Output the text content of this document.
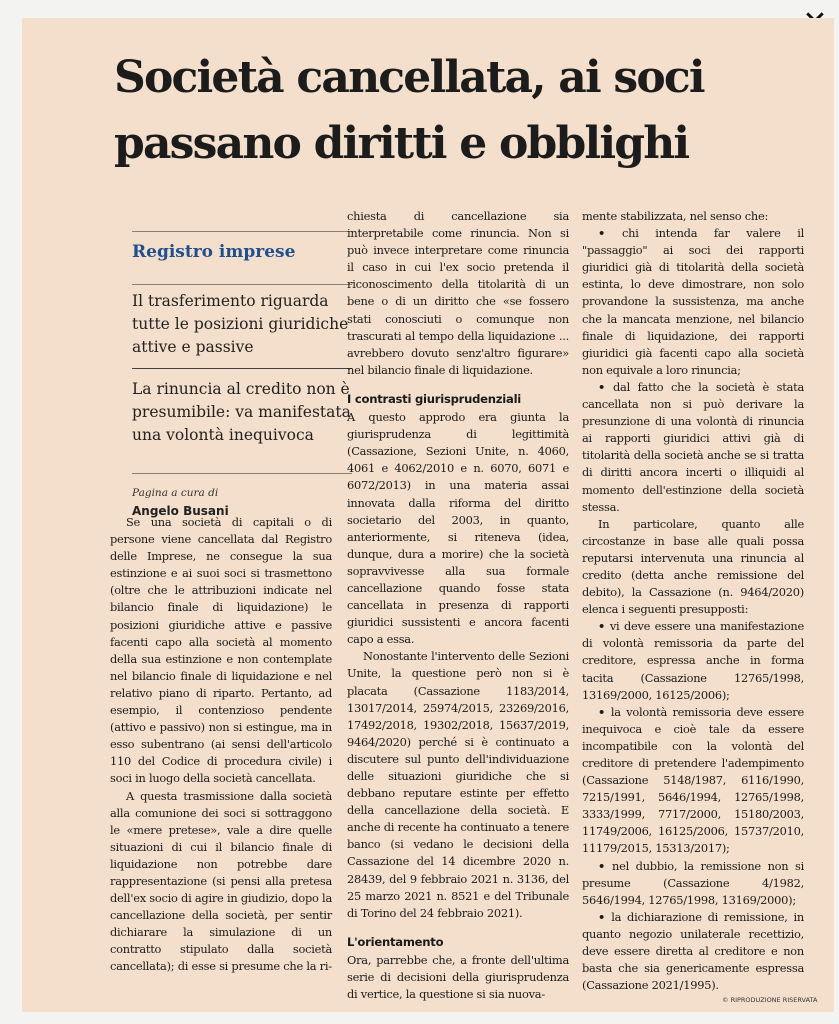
Società cancellata, ai soci passano diritti e obblighi
Registro imprese
Il trasferimento riguarda tutte le posizioni giuridiche attive e passive
La rinuncia al credito non è presumibile: va manifestata una volontà inequivoca
Pagina a cura di
Angelo Busani

Se una società di capitali o di persone viene cancellata dal Registro delle Imprese, ne consegue la sua estinzione e ai suoi soci si trasmettono (oltre che le attribuzioni indicate nel bilancio finale di liquidazione) le posizioni giuridiche attive e passive facenti capo alla società al momento della sua estinzione e non contemplate nel bilancio finale di liquidazione e nel relativo piano di riparto. Pertanto, ad esempio, il contenzioso pendente (attivo e passivo) non si estingue, ma in esso subentrano (ai sensi dell'articolo 110 del Codice di procedura civile) i soci in luogo della società cancellata.

A questa trasmissione dalla società alla comunione dei soci si sottraggono le «mere pretese», vale a dire quelle situazioni di cui il bilancio finale di liquidazione non potrebbe dare rappresentazione (si pensi alla pretesa dell'ex socio di agire in giudizio, dopo la cancellazione della società, per sentir dichiarare la simulazione di un contratto stipulato dalla società cancellata); di esse si presume che la ri-

chiesta di cancellazione sia interpretabile come rinuncia. Non si può invece interpretare come rinuncia il caso in cui l'ex socio pretenda il riconoscimento della titolarità di un bene o di un diritto che «se fossero stati conosciuti o comunque non trascurati al tempo della liquidazione ... avrebbero dovuto senz'altro figurare» nel bilancio finale di liquidazione.

I contrasti giurisprudenziali

A questo approdo era giunta la giurisprudenza di legittimità (Cassazione, Sezioni Unite, n. 4060, 4061 e 4062/2010 e n. 6070, 6071 e 6072/2013) in una materia assai innovata dalla riforma del diritto societario del 2003, in quanto, anteriormente, si riteneva (idea, dunque, dura a morire) che la società sopravvivesse alla sua formale cancellazione quando fosse stata cancellata in presenza di rapporti giuridici sussistenti e ancora facenti capo a essa.

Nonostante l'intervento delle Sezioni Unite, la questione però non si è placata (Cassazione 1183/2014, 13017/2014, 25974/2015, 23269/2016, 17492/2018, 19302/2018, 15637/2019, 9464/2020) perché si è continuato a discutere sul punto dell'individuazione delle situazioni giuridiche che si debbano reputare estinte per effetto della cancellazione della società. E anche di recente ha continuato a tenere banco (si vedano le decisioni della Cassazione del 14 dicembre 2020 n. 28439, del 9 febbraio 2021 n. 3136, del 25 marzo 2021 n. 8521 e del Tribunale di Torino del 24 febbraio 2021).

L'orientamento

Ora, parrebbe che, a fronte dell'ultima serie di decisioni della giurisprudenza di vertice, la questione si sia nuova-

mente stabilizzata, nel senso che:

• chi intenda far valere il "passaggio" ai soci dei rapporti giuridici già di titolarità della società estinta, lo deve dimostrare, non solo provandone la sussistenza, ma anche che la mancata menzione, nel bilancio finale di liquidazione, dei rapporti giuridici già facenti capo alla società non equivale a loro rinuncia;

• dal fatto che la società è stata cancellata non si può derivare la presunzione di una volontà di rinuncia ai rapporti giuridici attivi già di titolarità della società anche se si tratta di diritti ancora incerti o illiquidi al momento dell'estinzione della società stessa.

In particolare, quanto alle circostanze in base alle quali possa reputarsi intervenuta una rinuncia al credito (detta anche remissione del debito), la Cassazione (n. 9464/2020) elenca i seguenti presupposti:

• vi deve essere una manifestazione di volontà remissoria da parte del creditore, espressa anche in forma tacita (Cassazione 12765/1998, 13169/2000, 16125/2006);

• la volontà remissoria deve essere inequivoca e cioè tale da essere incompatibile con la volontà del creditore di pretendere l'adempimento (Cassazione 5148/1987, 6116/1990, 7215/1991, 5646/1994, 12765/1998, 3333/1999, 7717/2000, 15180/2003, 11749/2006, 16125/2006, 15737/2010, 11179/2015, 15313/2017);

• nel dubbio, la remissione non si presume (Cassazione 4/1982, 5646/1994, 12765/1998, 13169/2000);

• la dichiarazione di remissione, in quanto negozio unilaterale recettizio, deve essere diretta al creditore e non basta che sia genericamente espressa (Cassazione 2021/1995).

© RIPRODUZIONE RISERVATA
